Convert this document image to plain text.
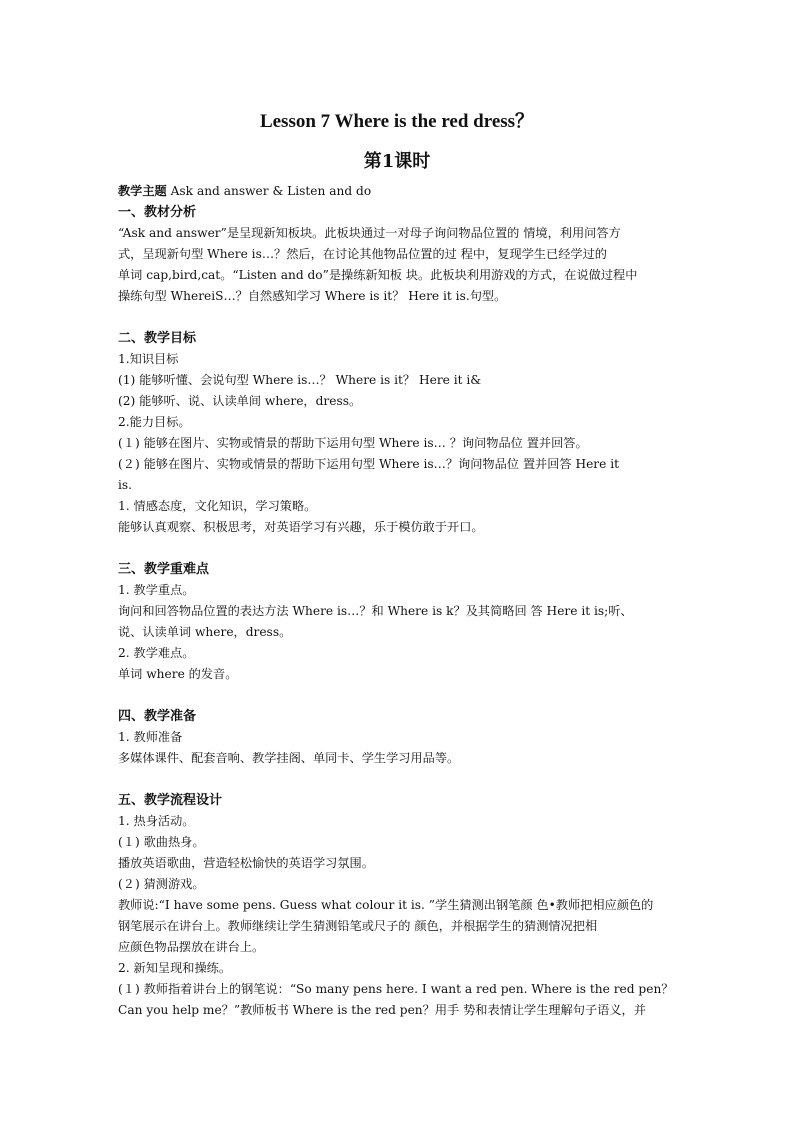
Lesson 7 Where is the red dress？
第1课时

教学主题 Ask and answer & Listen and do

一、教材分析

“Ask and answer”是呈现新知板块。此板块通过一对母子询问物品位置的 情境，利用问答方

式，呈现新句型 Where is…？然后，在讨论其他物品位置的过 程中，复现学生已经学过的

单词 cap,bird,cat。“Listen and do”是操练新知板 块。此板块利用游戏的方式，在说做过程中

操练句型 WhereiS…？自然感知学习 Where is it？ Here it is.句型。

二、教学目标

1.知识目标

(1) 能够听懂、会说句型 Where is…？ Where is it？ Here it i&

(2) 能够听、说、认读单间 where，dress。

2.能力目标。

(１) 能够在图片、实物或情景的帮助下运用句型 Where is… ？询问物品位 置并回答。

(２) 能够在图片、实物或情景的帮助下运用句型 Where is…？询问物品位 置并回答 Here it

is.

1. 情感态度，文化知识，学习策略。

能够认真观察、积极思考，对英语学习有兴趣，乐于模仿敢于开口。

三、教学重难点

1. 教学重点。

询问和回答物品位置的表达方法 Where is…？和 Where is k？及其简略回 答 Here it is;听、

说、认读单词 where，dress。

2. 教学难点。

单词 where 的发音。

四、教学准备

1. 教师准备

多媒体课件、配套音响、教学挂阁、单同卡、学生学习用品等。

五、教学流程设计

1. 热身活动。

(１) 歌曲热身。

播放英语歌曲，营造轻松愉快的英语学习氛围。

(２) 猜测游戏。

教师说:“I have some pens. Guess what colour it is. ”学生猜测出钢笔颜 色•教师把相应颜色的

钢笔展示在讲台上。教师继续让学生猜测铅笔或尺子的 颜色，并根据学生的猜测情况把相

应颜色物品摆放在讲台上。

2. 新知呈现和操练。

(１) 教师指着讲台上的钢笔说：“So many pens here. I want a red pen. Where is the red pen？

Can you help me？”教师板书 Where is the red pen？用手 势和表情让学生理解句子语义，并
